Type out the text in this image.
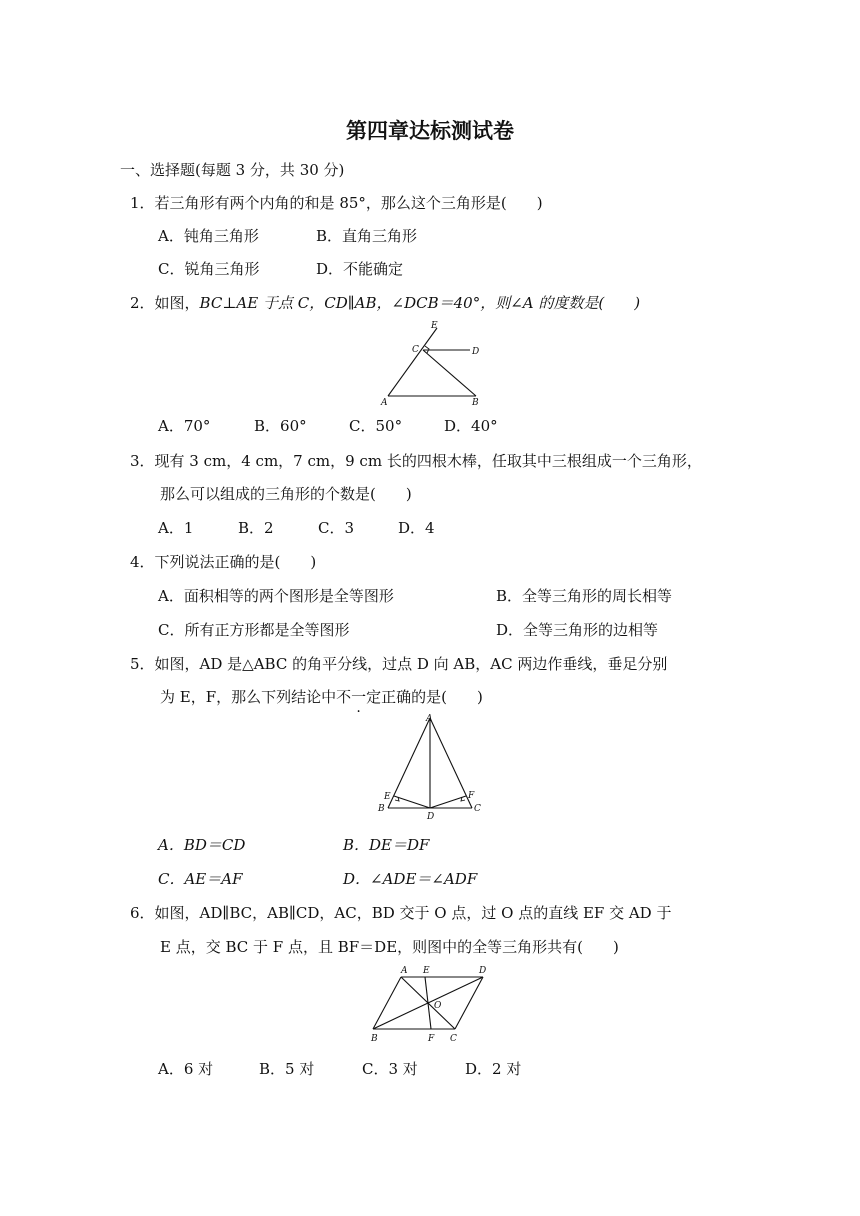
第四章达标测试卷
一、选择题(每题 3 分，共 30 分)
1．若三角形有两个内角的和是 85°，那么这个三角形是(　　)
A．钝角三角形	B．直角三角形
C．锐角三角形	D．不能确定
2．如图，BC⊥AE 于点 C，CD∥AB，∠DCB＝40°，则∠A 的度数是(　　)
E
C	D
A	B
A．70°	B．60°	C．50°	D．40°
3．现有 3 cm，4 cm，7 cm，9 cm 长的四根木棒，任取其中三根组成一个三角形，
那么可以组成的三角形的个数是(　　)
A．1	B．2	C．3	D．4
4．下列说法正确的是(　　)
A．面积相等的两个图形是全等图形	B．全等三角形的周长相等
C．所有正方形都是全等图形	D．全等三角形的边相等
5．如图，AD 是△ABC 的角平分线，过点 D 向 AB，AC 两边作垂线，垂足分别
为 E，F，那么下列结论中不一定正确的是(　　)
A
E	F
B	C
D
A．BD＝CD	B．DE＝DF
C．AE＝AF	D．∠ADE＝∠ADF
6．如图，AD∥BC，AB∥CD，AC，BD 交于 O 点，过 O 点的直线 EF 交 AD 于
E 点，交 BC 于 F 点，且 BF＝DE，则图中的全等三角形共有(　　)
A E	D
O
B	F C
A．6 对	B．5 对	C．3 对	D．2 对
